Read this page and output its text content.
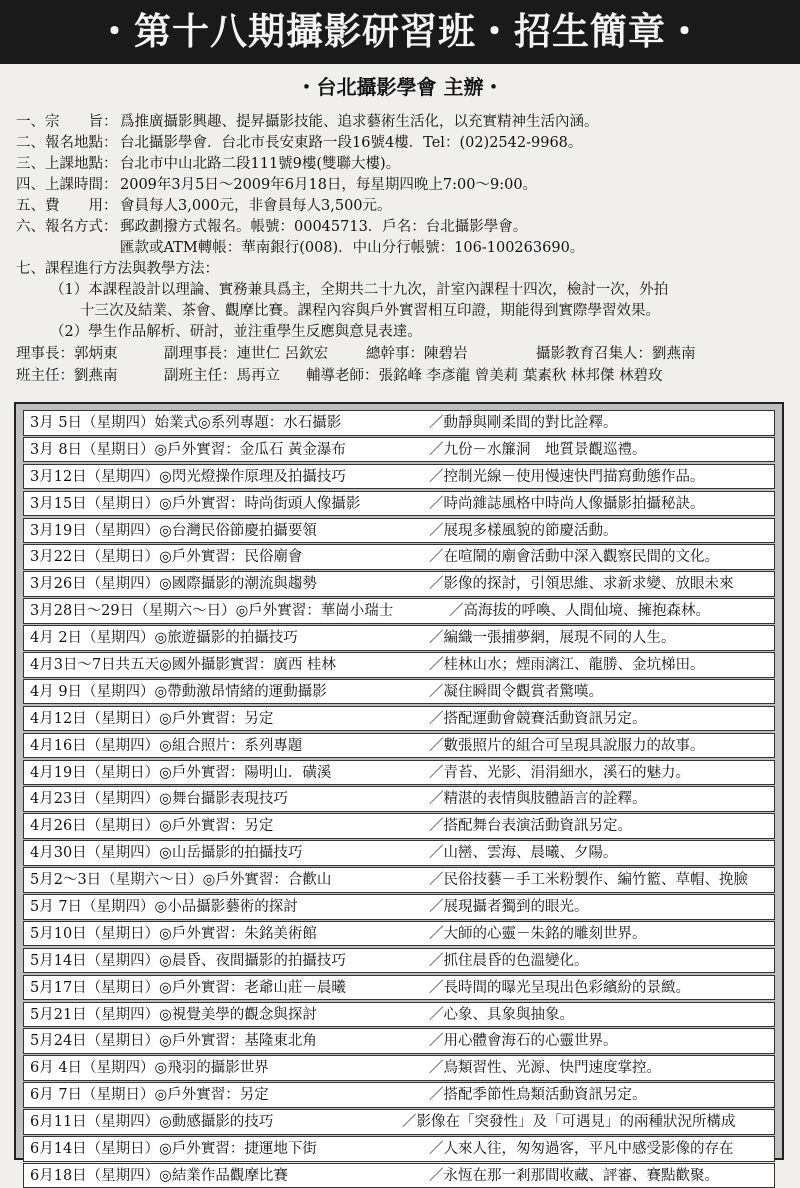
・第十八期攝影研習班・招生簡章・
・台北攝影學會 主辦・
一、宗　　旨： 爲推廣攝影興趣、提昇攝影技能、追求藝術生活化，以充實精神生活內涵。
二、報名地點： 台北攝影學會．台北市長安東路一段16號4樓．Tel：(02)2542-9968。
三、上課地點： 台北市中山北路二段111號9樓(雙聯大樓)。
四、上課時間： 2009年3月5日～2009年6月18日，每星期四晚上7:00～9:00。
五、費　　用： 會員每人3,000元，非會員每人3,500元。
六、報名方式： 郵政劃撥方式報名。帳號：00045713．戶名：台北攝影學會。
匯款或ATM轉帳：華南銀行(008)．中山分行帳號：106-100263690。
七、課程進行方法與教學方法：
（1）本課程設計以理論、實務兼具爲主，全期共二十九次，計室內課程十四次，檢討一次，外拍
十三次及結業、茶會、觀摩比賽。課程內容與戶外實習相互印證，期能得到實際學習效果。
（2）學生作品解析、研討，並注重學生反應與意見表達。
理事長：郭炳東	副理事長：連世仁 呂欽宏	總幹事：陳碧岩	攝影教育召集人：劉燕南
班主任：劉燕南	副班主任：馬再立 輔導老師：張銘峰 李彥龍 曾美莉 葉素秋 林邦傑 林碧玫
3月 5日（星期四）始業式◎系列專題：水石攝影	／動靜與剛柔間的對比詮釋。
3月 8日（星期日）◎戶外實習：金瓜石 黃金瀑布	／九份－水簾洞　地質景觀巡禮。
3月12日（星期四）◎閃光燈操作原理及拍攝技巧	／控制光線－使用慢速快門描寫動態作品。
3月15日（星期日）◎戶外實習：時尚街頭人像攝影	／時尚雜誌風格中時尚人像攝影拍攝秘訣。
3月19日（星期四）◎台灣民俗節慶拍攝要領	／展現多樣風貌的節慶活動。
3月22日（星期日）◎戶外實習：民俗廟會	／在喧鬧的廟會活動中深入觀察民間的文化。
3月26日（星期四）◎國際攝影的潮流與趨勢	／影像的探討，引領思維、求新求變、放眼未來
3月28日～29日（星期六～日）◎戶外實習：華崗小瑞士	／高海拔的呼喚、人間仙境、擁抱森林。
4月 2日（星期四）◎旅遊攝影的拍攝技巧	／編織一張捕夢網，展現不同的人生。
4月3日～7日共五天◎國外攝影實習：廣西 桂林	／桂林山水；煙雨漓江、龍勝、金坑梯田。
4月 9日（星期四）◎帶動激昂情緒的運動攝影	／凝住瞬間令觀賞者驚嘆。
4月12日（星期日）◎戶外實習：另定	／搭配運動會競賽活動資訊另定。
4月16日（星期四）◎組合照片：系列專題	／數張照片的組合可呈現具說服力的故事。
4月19日（星期日）◎戶外實習：陽明山．磺溪	／青苔、光影、涓涓細水，溪石的魅力。
4月23日（星期四）◎舞台攝影表現技巧	／精湛的表情與肢體語言的詮釋。
4月26日（星期日）◎戶外實習：另定	／搭配舞台表演活動資訊另定。
4月30日（星期四）◎山岳攝影的拍攝技巧	／山巒、雲海、晨曦、夕陽。
5月2～3日（星期六～日）◎戶外實習：合歡山	／民俗技藝－手工米粉製作、編竹籃、草帽、挽臉
5月 7日（星期四）◎小品攝影藝術的探討	／展現攝者獨到的眼光。
5月10日（星期日）◎戶外實習：朱銘美術館	／大師的心靈－朱銘的雕刻世界。
5月14日（星期四）◎晨昏、夜間攝影的拍攝技巧	／抓住晨昏的色溫變化。
5月17日（星期日）◎戶外實習：老爺山莊－晨曦	／長時間的曝光呈現出色彩繽紛的景緻。
5月21日（星期四）◎視覺美學的觀念與探討	／心象、具象與抽象。
5月24日（星期日）◎戶外實習：基隆東北角	／用心體會海石的心靈世界。
6月 4日（星期四）◎飛羽的攝影世界	／鳥類習性、光源、快門速度掌控。
6月 7日（星期日）◎戶外實習：另定	／搭配季節性鳥類活動資訊另定。
6月11日（星期四）◎動感攝影的技巧	／影像在「突發性」及「可遇見」的兩種狀況所構成
6月14日（星期日）◎戶外實習：捷運地下街	／人來人往，匆匆過客，平凡中感受影像的存在
6月18日（星期四）◎結業作品觀摩比賽	／永恆在那一剎那間收藏、評審、賽點歡聚。
